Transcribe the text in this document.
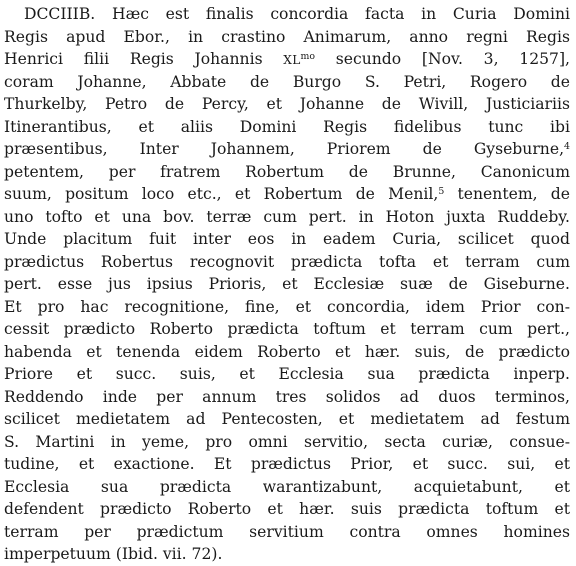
DCCIIIB. Hæc est finalis concordia facta in Curia Domini
Regis apud Ebor., in crastino Animarum, anno regni Regis
Henrici filii Regis Johannis $XL^{mo}$ secundo [Nov. 3, 1257],
coram Johanne, Abbate de Burgo S. Petri, Rogero de
Thurkelby, Petro de Percy, et Johanne de Wivill, Justiciariis
Itinerantibus, et aliis Domini Regis fidelibus tunc ibi
præsentibus, Inter Johannem, Priorem de Gyseburne,$^4$
petentem, per fratrem Robertum de Brunne, Canonicum
suum, positum loco etc., et Robertum de Menil,$^5$ tenentem, de
uno tofto et una bov. terræ cum pert. in Hoton juxta Ruddeby.
Unde placitum fuit inter eos in eadem Curia, scilicet quod
prædictus Robertus recognovit prædicta tofta et terram cum
pert. esse jus ipsius Prioris, et Ecclesiæ suæ de Giseburne.
Et pro hac recognitione, fine, et concordia, idem Prior con-
cessit prædicto Roberto prædicta toftum et terram cum pert.,
habenda et tenenda eidem Roberto et hær. suis, de prædicto
Priore et succ. suis, et Ecclesia sua prædicta inperp.
Reddendo inde per annum tres solidos ad duos terminos,
scilicet medietatem ad Pentecosten, et medietatem ad festum
S. Martini in yeme, pro omni servitio, secta curiæ, consue-
tudine, et exactione. Et prædictus Prior, et succ. sui, et
Ecclesia sua prædicta warantizabunt, acquietabunt, et
defendent prædicto Roberto et hær. suis prædicta toftum et
terram per prædictum servitium contra omnes homines
imperpetuum (Ibid. vii. 72).
